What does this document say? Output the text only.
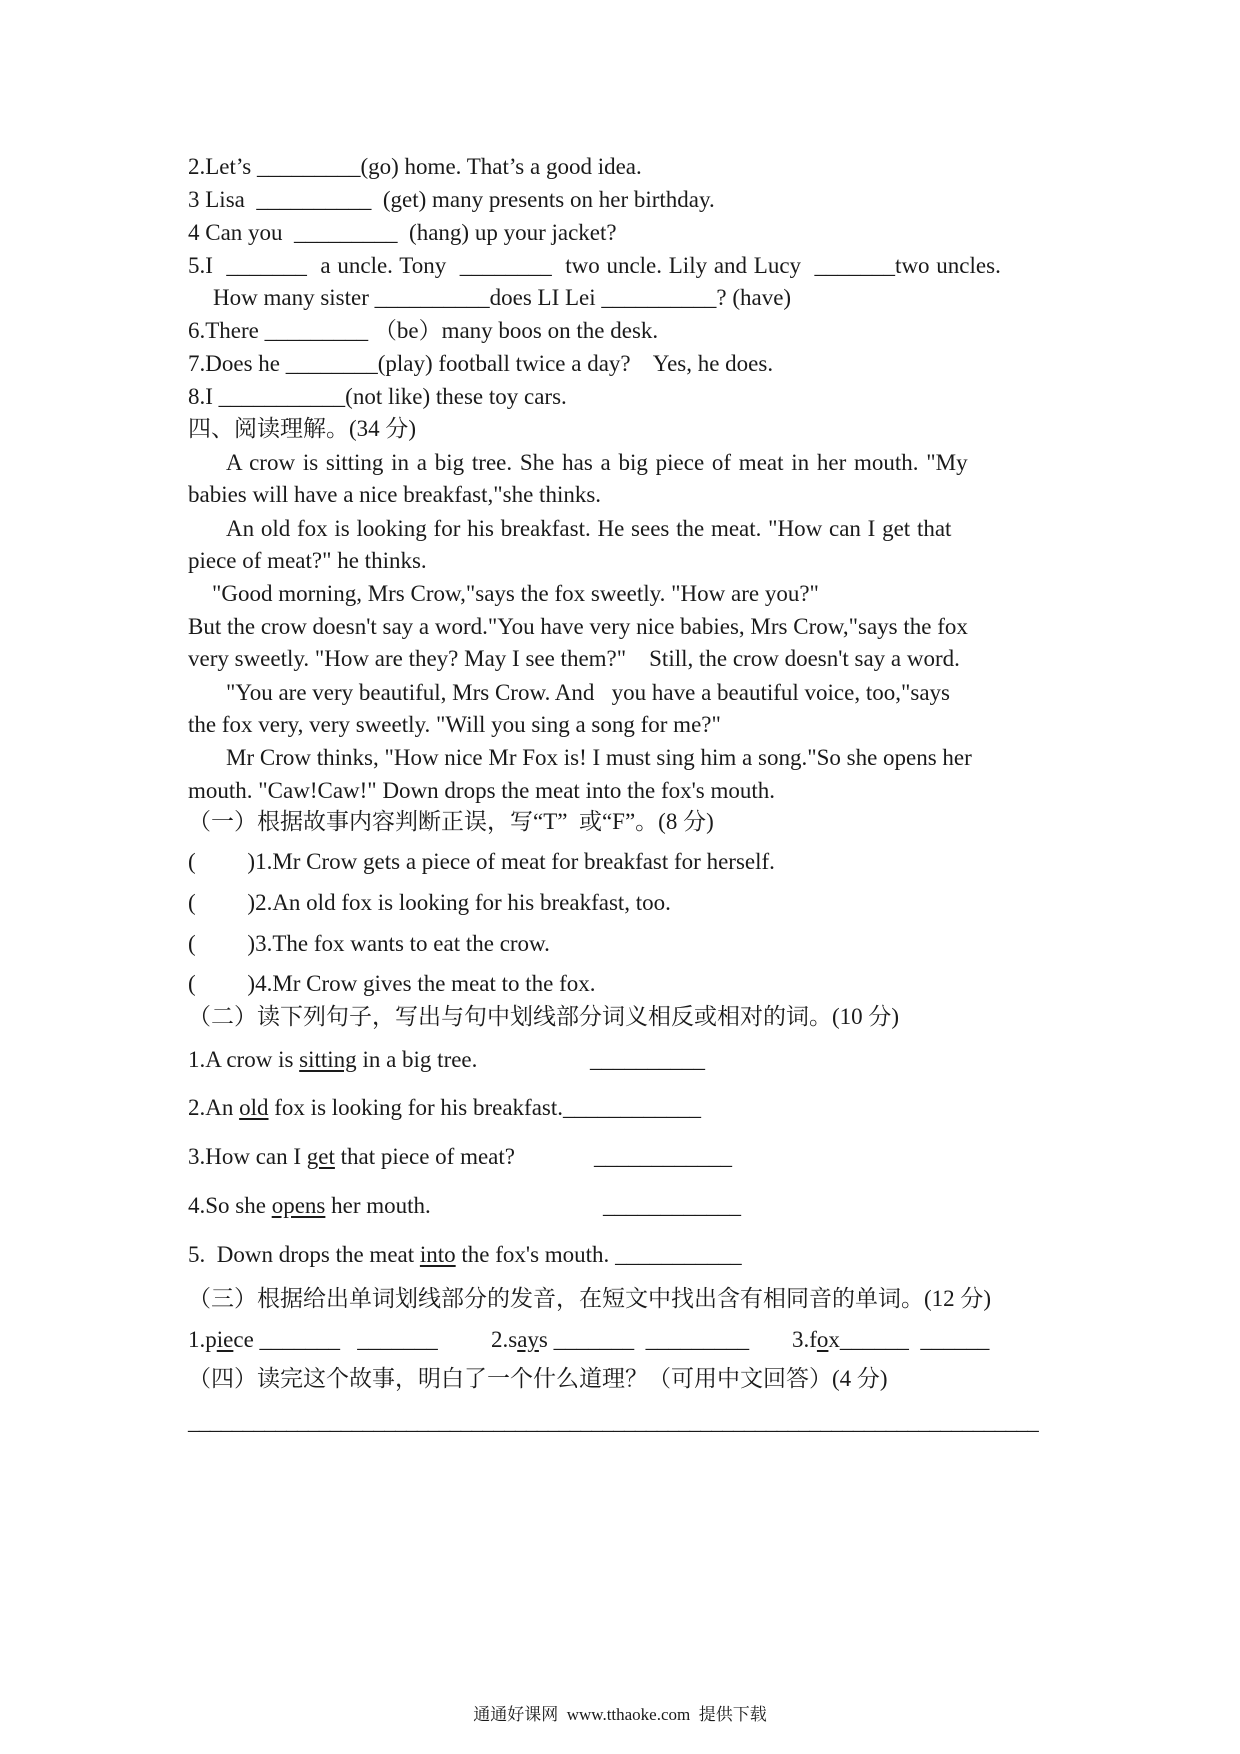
2.Let’s _________(go) home. That’s a good idea.
3 Lisa  __________  (get) many presents on her birthday.
4 Can you  _________  (hang) up your jacket?
5.I  _______  a uncle. Tony  ________  two uncle. Lily and Lucy  _______two uncles.
How many sister __________does LI Lei __________? (have)
6.There _________ （be）many boos on the desk.
7.Does he ________(play) football twice a day?    Yes, he does.
8.I ___________(not like) these toy cars.
四、阅读理解。(34 分)
A crow is sitting in a big tree. She has a big piece of meat in her mouth. "My
babies will have a nice breakfast,"she thinks.
An old fox is looking for his breakfast. He sees the meat. "How can I get that
piece of meat?" he thinks.
"Good morning, Mrs Crow,"says the fox sweetly. "How are you?"
But the crow doesn't say a word."You have very nice babies, Mrs Crow,"says the fox
very sweetly. "How are they? May I see them?"    Still, the crow doesn't say a word.
"You are very beautiful, Mrs Crow. And   you have a beautiful voice, too,"says
the fox very, very sweetly. "Will you sing a song for me?"
Mr Crow thinks, "How nice Mr Fox is! I must sing him a song."So she opens her
mouth. "Caw!Caw!" Down drops the meat into the fox's mouth.
（一）根据故事内容判断正误，写“T”  或“F”。(8 分)
(         )1.Mr Crow gets a piece of meat for breakfast for herself.
(         )2.An old fox is looking for his breakfast, too.
(         )3.The fox wants to eat the crow.
(         )4.Mr Crow gives the meat to the fox.
（二）读下列句子，写出与句中划线部分词义相反或相对的词。(10 分)
1.A crow is sitting in a big tree.	__________
2.An old fox is looking for his breakfast.____________
3.How can I get that piece of meat?	____________
4.So she opens her mouth.	____________
5.  Down drops the meat into the fox's mouth. ___________
（三）根据给出单词划线部分的发音，在短文中找出含有相同音的单词。(12 分)
1.piece _______   _______ 2.says _______  _________ 3.fox______  ______
（四）读完这个故事，明白了一个什么道理？（可用中文回答）(4 分)
______________________________________________________________________________
通通好课网  www.tthaoke.com  提供下载
